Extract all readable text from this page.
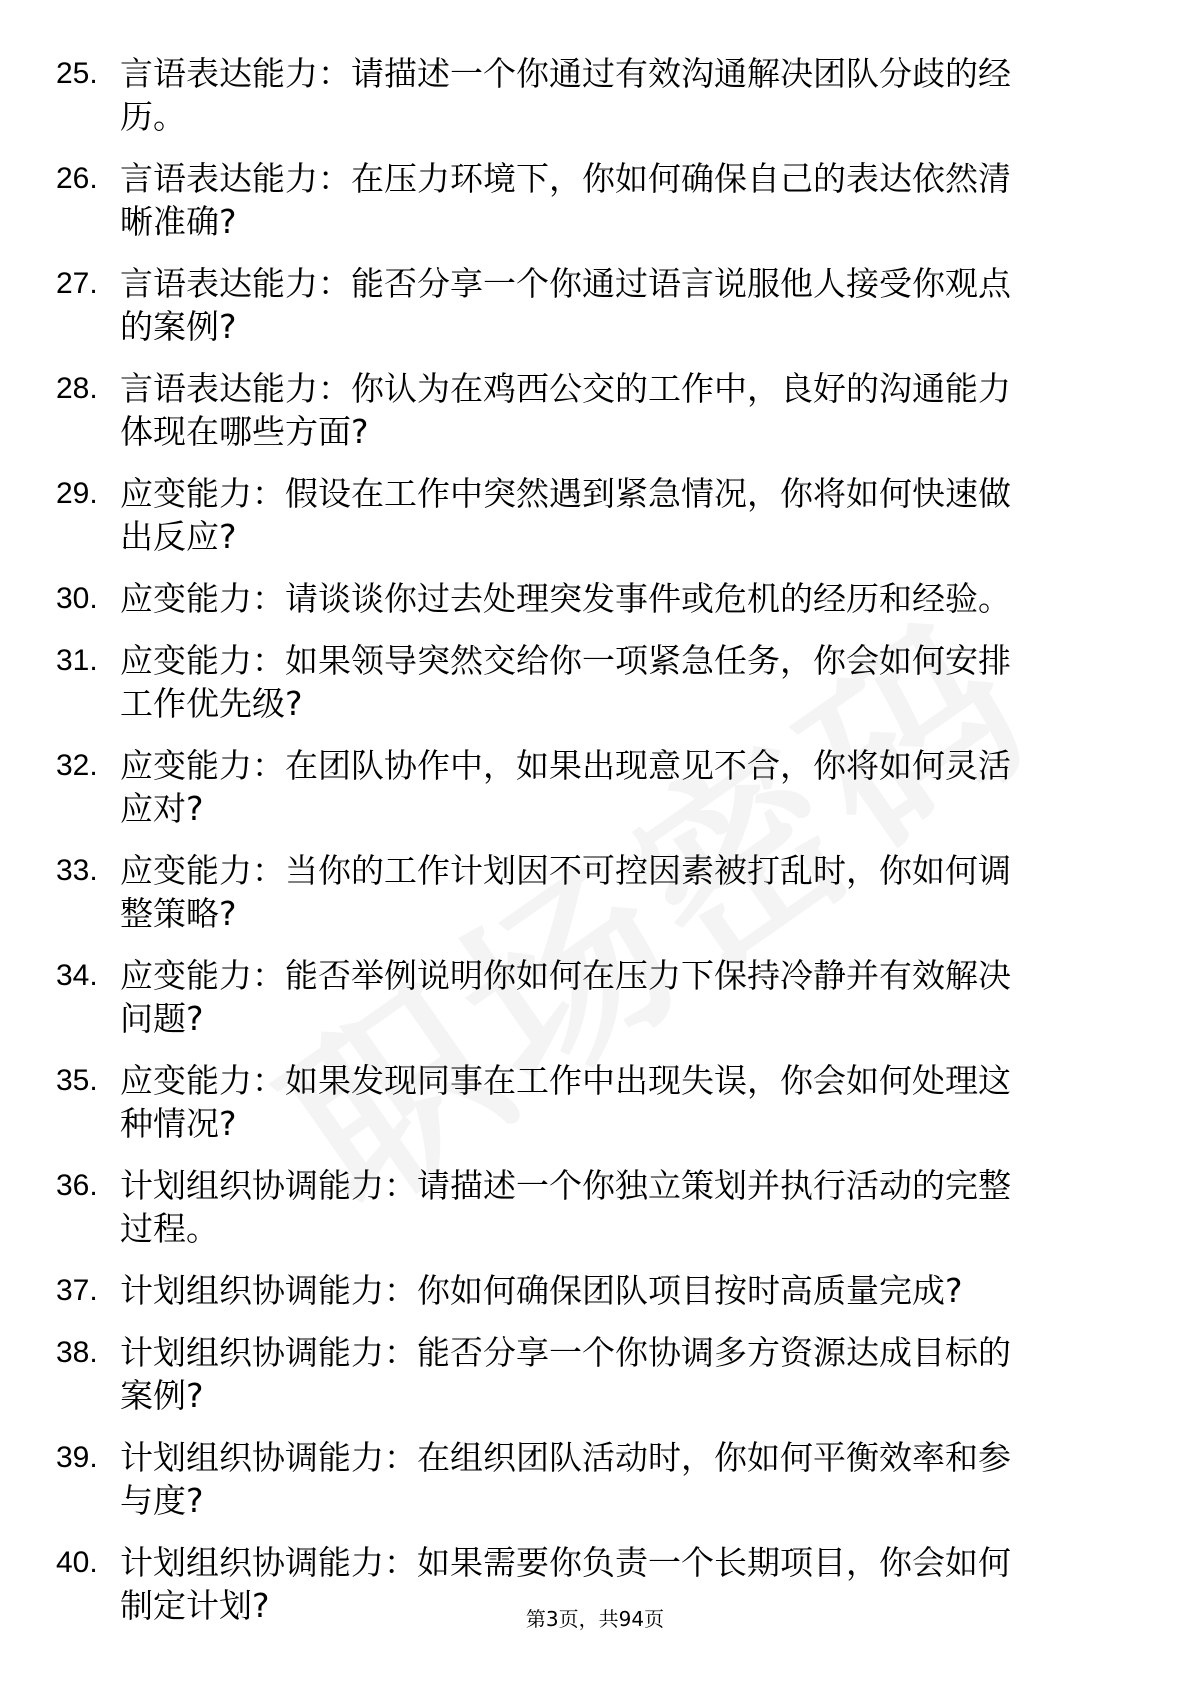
25. 言语表达能力：请描述一个你通过有效沟通解决团队分歧的经历。
26. 言语表达能力：在压力环境下，你如何确保自己的表达依然清晰准确?
27. 言语表达能力：能否分享一个你通过语言说服他人接受你观点的案例?
28. 言语表达能力：你认为在鸡西公交的工作中，良好的沟通能力体现在哪些方面?
29. 应变能力：假设在工作中突然遇到紧急情况，你将如何快速做出反应?
30. 应变能力：请谈谈你过去处理突发事件或危机的经历和经验。
31. 应变能力：如果领导突然交给你一项紧急任务，你会如何安排工作优先级?
32. 应变能力：在团队协作中，如果出现意见不合，你将如何灵活应对?
33. 应变能力：当你的工作计划因不可控因素被打乱时，你如何调整策略?
34. 应变能力：能否举例说明你如何在压力下保持冷静并有效解决问题?
35. 应变能力：如果发现同事在工作中出现失误，你会如何处理这种情况?
36. 计划组织协调能力：请描述一个你独立策划并执行活动的完整过程。
37. 计划组织协调能力：你如何确保团队项目按时高质量完成?
38. 计划组织协调能力：能否分享一个你协调多方资源达成目标的案例?
39. 计划组织协调能力：在组织团队活动时，你如何平衡效率和参与度?
40. 计划组织协调能力：如果需要你负责一个长期项目，你会如何制定计划?	第3页，共94页
